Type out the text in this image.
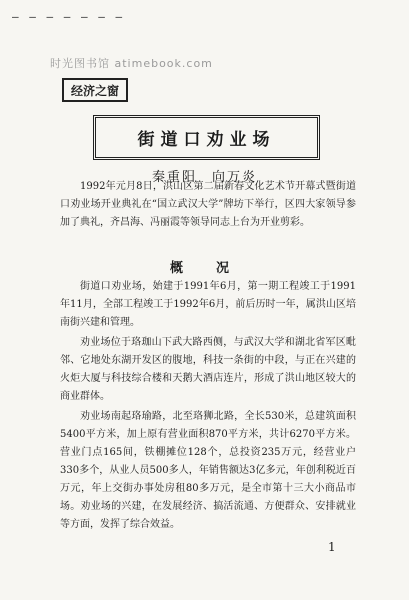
— — — — — — —
时光图书馆 atimebook.com
经济之窗
街道口劝业场
秦重阳　向万炎

1992年元月8日，洪山区第二届新春文化艺术节开幕式暨街道口劝业场开业典礼在“国立武汉大学”牌坊下举行，区四大家领导参加了典礼，齐昌海、冯丽霞等领导同志上台为开业剪彩。

概　况

街道口劝业场，始建于1991年6月，第一期工程竣工于1991年11月，全部工程竣工于1992年6月，前后历时一年，属洪山区培南街兴建和管理。

劝业场位于珞珈山下武大路西侧，与武汉大学和湖北省军区毗邻、它地处东湖开发区的腹地，科技一条街的中段，与正在兴建的火炬大厦与科技综合楼和天鹅大酒店连片，形成了洪山地区较大的商业群体。

劝业场南起珞瑜路，北至珞狮北路，全长530米，总建筑面积5400平方米，加上原有营业面积870平方米，共计6270平方米。营业门点165间，铁棚摊位128个，总投资235万元，经营业户330多个，从业人员500多人，年销售额达3亿多元，年创利税近百万元，年上交街办事处房租80多万元，是全市第十三大小商品市场。劝业场的兴建，在发展经济、搞活流通、方便群众、安排就业等方面，发挥了综合效益。

1
